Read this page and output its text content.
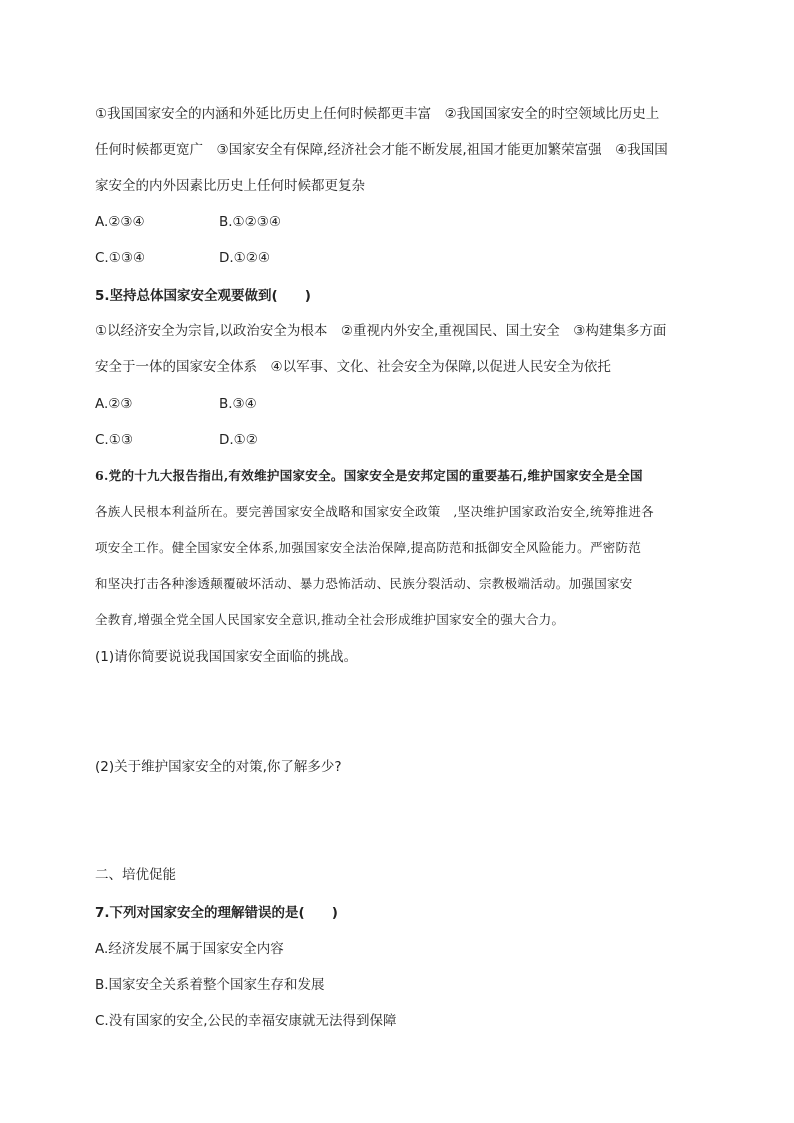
①我国国家安全的内涵和外延比历史上任何时候都更丰富　②我国国家安全的时空领域比历史上
任何时候都更宽广　③国家安全有保障,经济社会才能不断发展,祖国才能更加繁荣富强　④我国国
家安全的内外因素比历史上任何时候都更复杂
A.②③④	B.①②③④
C.①③④	D.①②④
5.坚持总体国家安全观要做到(　　)
①以经济安全为宗旨,以政治安全为根本　②重视内外安全,重视国民、国土安全　③构建集多方面
安全于一体的国家安全体系　④以军事、文化、社会安全为保障,以促进人民安全为依托
A.②③	B.③④
C.①③	D.①②
6.党的十九大报告指出,有效维护国家安全。国家安全是安邦定国的重要基石,维护国家安全是全国
各族人民根本利益所在。要完善国家安全战略和国家安全政策　,坚决维护国家政治安全,统筹推进各
项安全工作。健全国家安全体系,加强国家安全法治保障,提高防范和抵御安全风险能力。严密防范
和坚决打击各种渗透颠覆破坏活动、暴力恐怖活动、民族分裂活动、宗教极端活动。加强国家安
全教育,增强全党全国人民国家安全意识,推动全社会形成维护国家安全的强大合力。
(1)请你简要说说我国国家安全面临的挑战。
(2)关于维护国家安全的对策,你了解多少?
二、培优促能
7.下列对国家安全的理解错误的是(　　)
A.经济发展不属于国家安全内容
B.国家安全关系着整个国家生存和发展
C.没有国家的安全,公民的幸福安康就无法得到保障
